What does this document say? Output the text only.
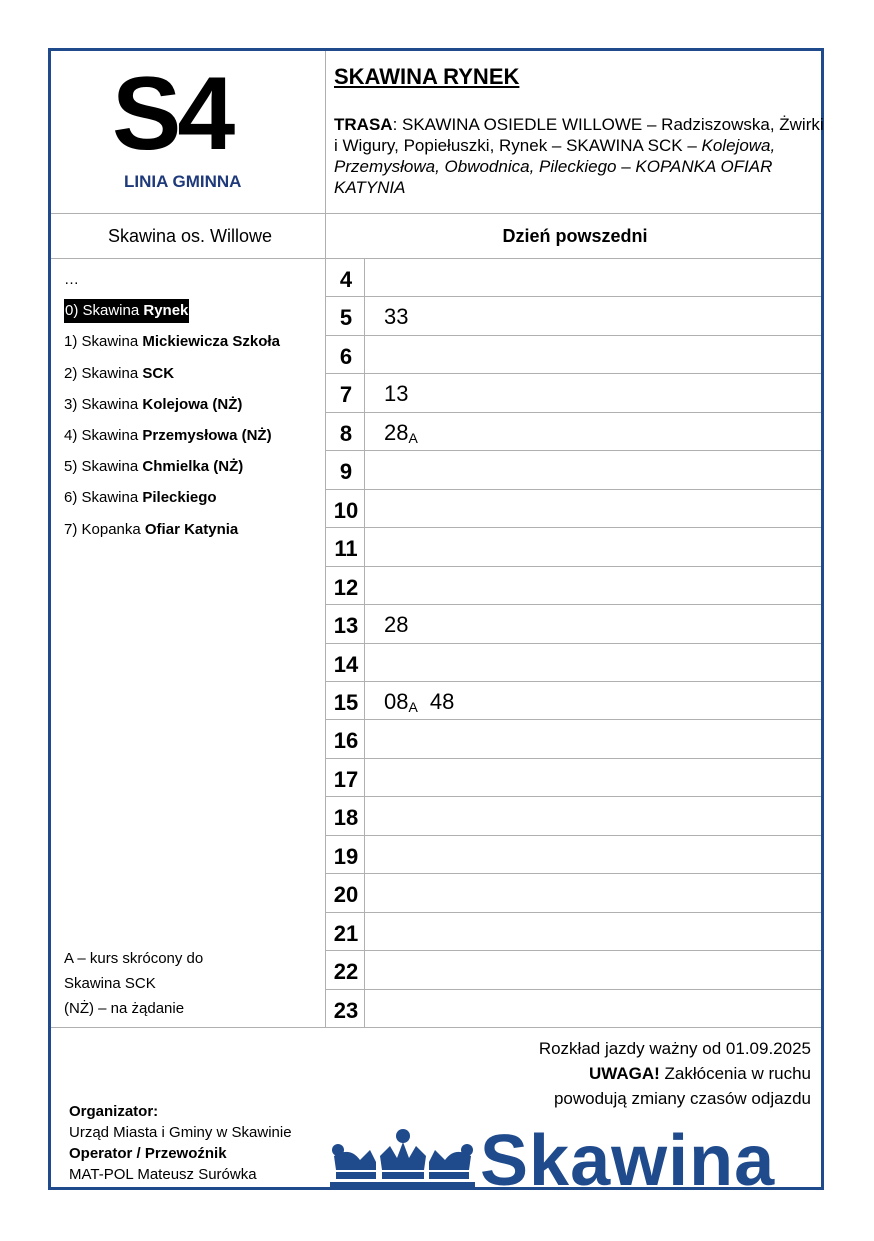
S4
LINIA GMINNA
SKAWINA RYNEK
TRASA: SKAWINA OSIEDLE WILLOWE – Radziszowska, Żwirki i Wigury, Popiełuszki, Rynek – SKAWINA SCK – Kolejowa, Przemysłowa, Obwodnica, Pileckiego – KOPANKA OFIAR KATYNIA
Skawina os. Willowe	Dzień powszedni
…
0) Skawina Rynek
1) Skawina Mickiewicza Szkoła
2) Skawina SCK
3) Skawina Kolejowa (NŻ)
4) Skawina Przemysłowa (NŻ)
5) Skawina Chmielka (NŻ)
6) Skawina Pileckiego
7) Kopanka Ofiar Katynia
A – kurs skrócony do
Skawina SCK
(NŻ) – na żądanie
4
5	33
6
7	13
8	$28_A$
9
10
11
12
13	28
14
15	$08_A$ 48
16
17
18
19
20
21
22
23
Rozkład jazdy ważny od 01.09.2025
UWAGA! Zakłócenia w ruchu
powodują zmiany czasów odjazdu
Organizator:
Urząd Miasta i Gminy w Skawinie
Operator / Przewoźnik
MAT-POL Mateusz Surówka	Skawina
